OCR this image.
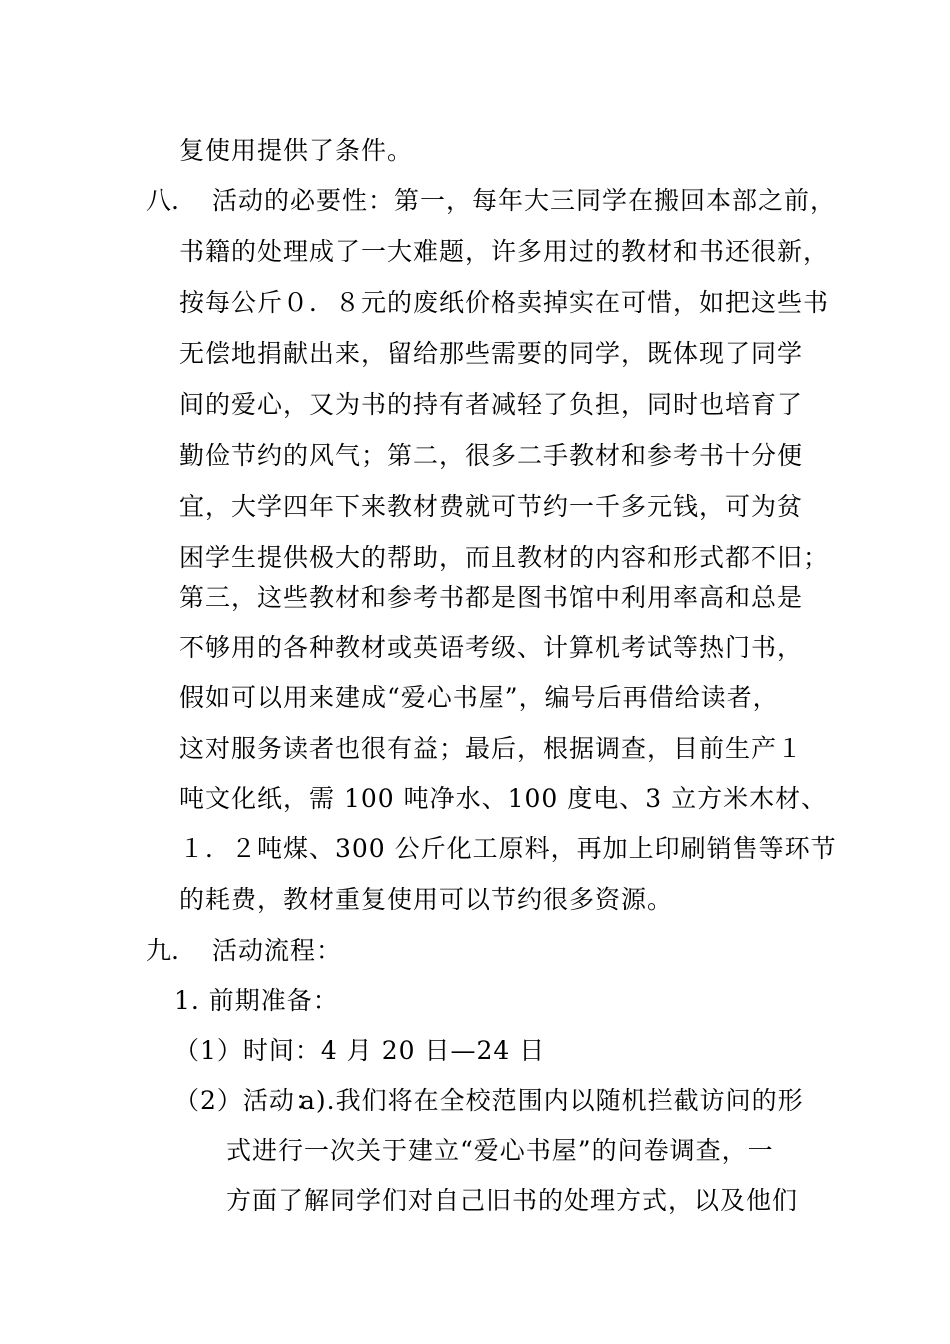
复使用提供了条件。
八. 活动的必要性：第一，每年大三同学在搬回本部之前，
书籍的处理成了一大难题，许多用过的教材和书还很新，
按每公斤０．８元的废纸价格卖掉实在可惜，如把这些书
无偿地捐献出来，留给那些需要的同学，既体现了同学
间的爱心，又为书的持有者减轻了负担，同时也培育了
勤俭节约的风气；第二，很多二手教材和参考书十分便
宜，大学四年下来教材费就可节约一千多元钱，可为贫
困学生提供极大的帮助，而且教材的内容和形式都不旧；
第三，这些教材和参考书都是图书馆中利用率高和总是
不够用的各种教材或英语考级、计算机考试等热门书，
假如可以用来建成“爱心书屋”，编号后再借给读者，
这对服务读者也很有益；最后，根据调查，目前生产１
吨文化纸，需 100 吨净水、100 度电、3 立方米木材、
１．２吨煤、300 公斤化工原料，再加上印刷销售等环节
的耗费，教材重复使用可以节约很多资源。
九. 活动流程：
1. 前期准备：
（1）时间：4 月 20 日—24 日
（2）活动：
a).我们将在全校范围内以随机拦截访问的形
式进行一次关于建立“爱心书屋”的问卷调查，一
方面了解同学们对自己旧书的处理方式，以及他们
